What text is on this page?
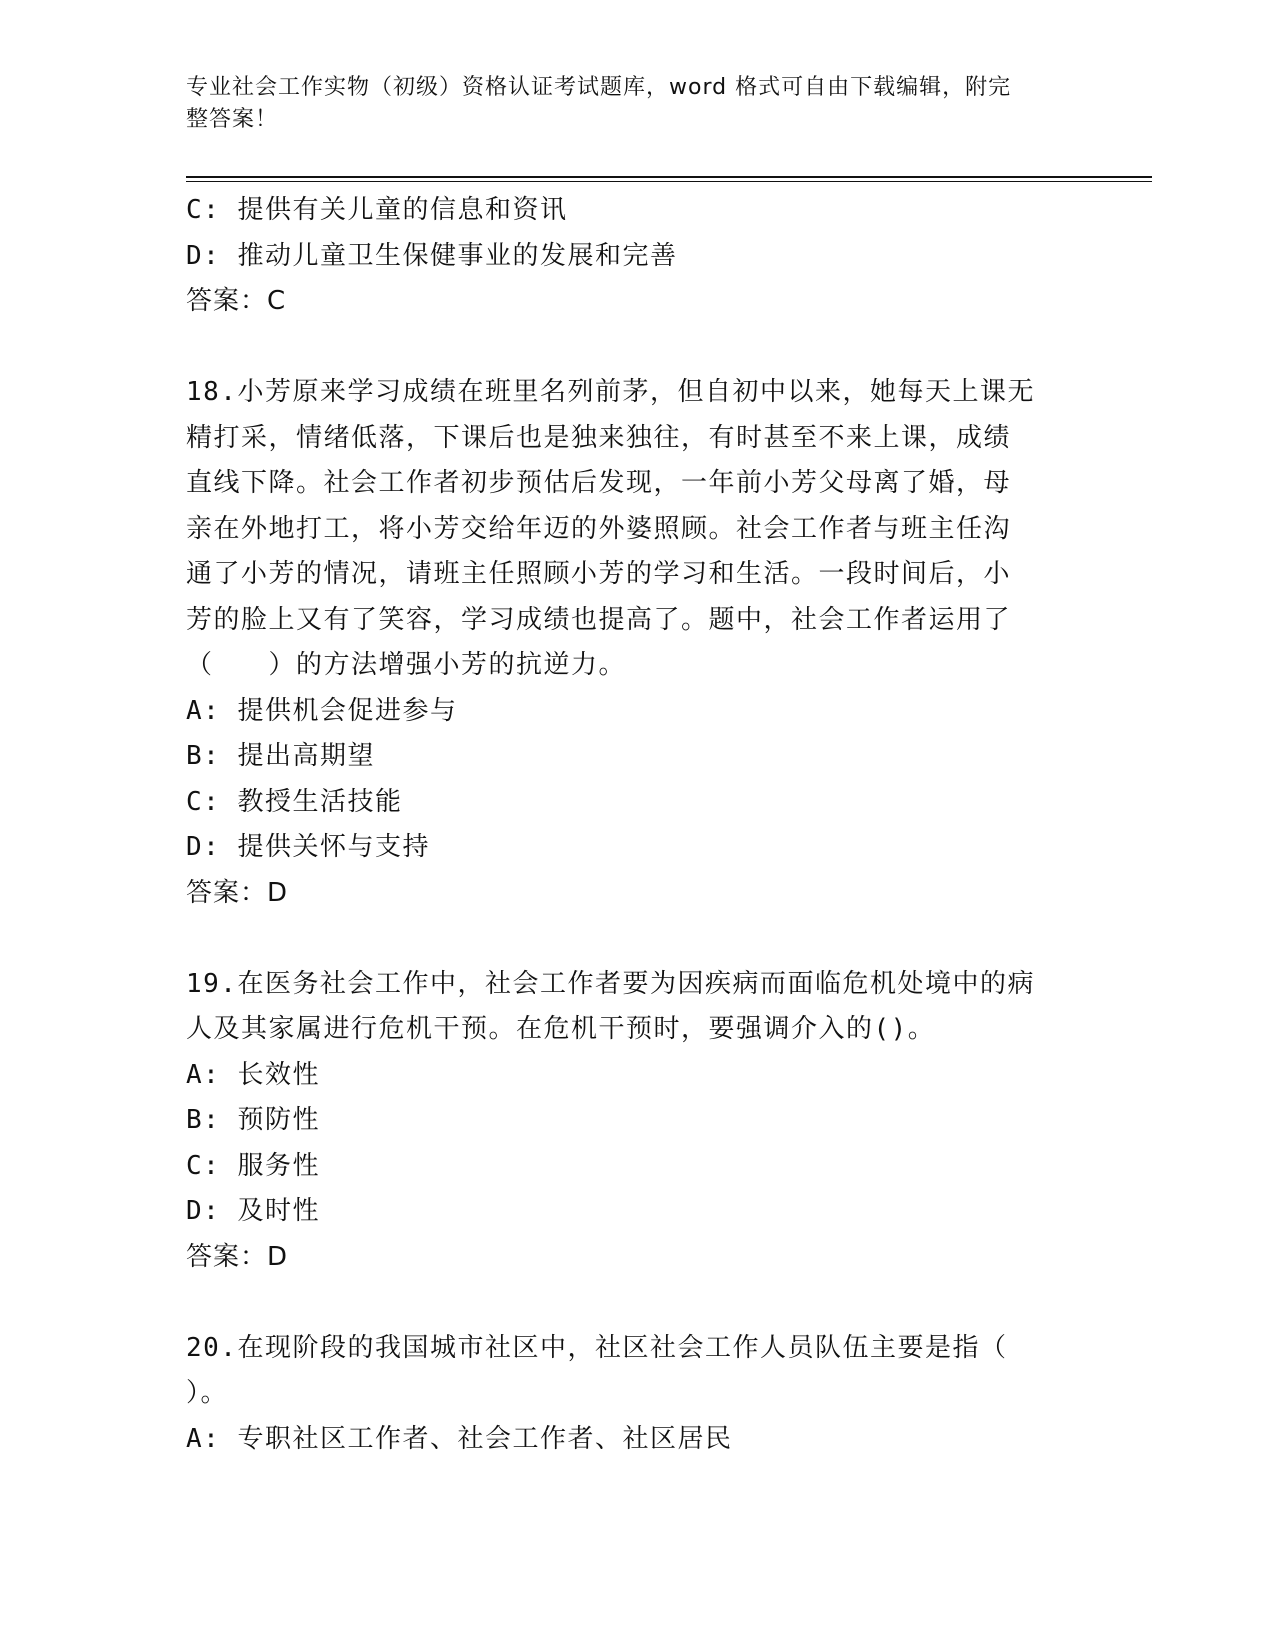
专业社会工作实物（初级）资格认证考试题库，word 格式可自由下载编辑，附完
整答案！
C: 提供有关儿童的信息和资讯
D: 推动儿童卫生保健事业的发展和完善
答案：C
18.小芳原来学习成绩在班里名列前茅，但自初中以来，她每天上课无
精打采，情绪低落，下课后也是独来独往，有时甚至不来上课，成绩
直线下降。社会工作者初步预估后发现，一年前小芳父母离了婚，母
亲在外地打工，将小芳交给年迈的外婆照顾。社会工作者与班主任沟
通了小芳的情况，请班主任照顾小芳的学习和生活。一段时间后，小
芳的脸上又有了笑容，学习成绩也提高了。题中，社会工作者运用了
（　　）的方法增强小芳的抗逆力。
A: 提供机会促进参与
B: 提出高期望
C: 教授生活技能
D: 提供关怀与支持
答案：D
19.在医务社会工作中，社会工作者要为因疾病而面临危机处境中的病
人及其家属进行危机干预。在危机干预时，要强调介入的()。
A: 长效性
B: 预防性
C: 服务性
D: 及时性
答案：D
20.在现阶段的我国城市社区中，社区社会工作人员队伍主要是指（
）。
A: 专职社区工作者、社会工作者、社区居民
